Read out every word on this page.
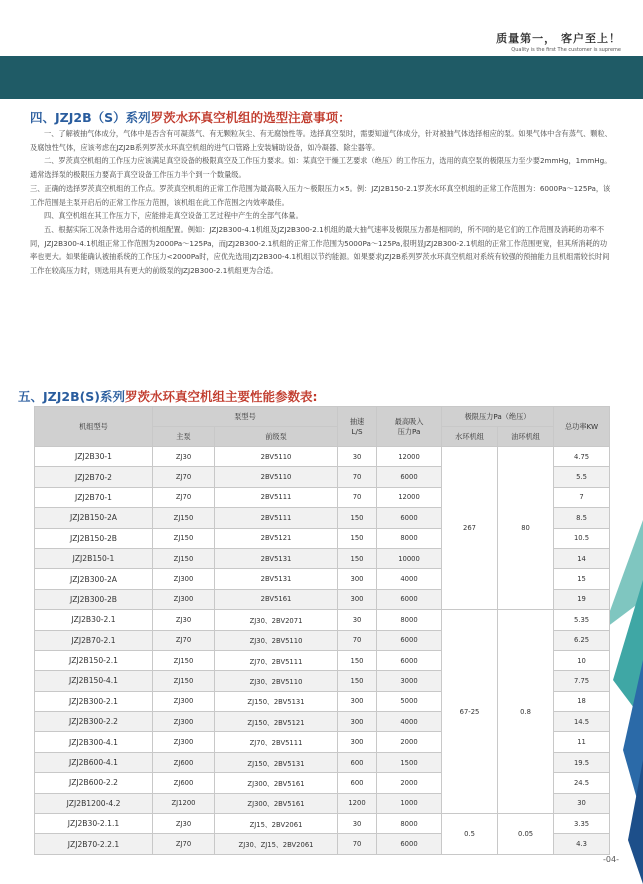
质量第一， 客户至上！
Quality is the first The customer is supreme
四、JZJ2B（S）系列罗茨水环真空机组的选型注意事项：

一、了解被抽气体成分，气体中是否含有可凝蒸气、有无颗粒灰尘、有无腐蚀性等。选择真空泵时，需要知道气体成分，针对被抽气体选择相应的泵。如果气体中含有蒸气、颗粒、及腐蚀性气体，应该考虑在JZJ2B系列罗茨水环真空机组的进气口管路上安装辅助设备，如冷凝器、除尘器等。

二、罗茨真空机组的工作压力应该满足真空设备的极限真空及工作压力要求。如：某真空干燥工艺要求（绝压）的工作压力，选用的真空泵的极限压力至少要2mmHg，1mmHg。通常选择泵的极限压力要高于真空设备工作压力半个到一个数量级。

三、正确的选择罗茨真空机组的工作点。罗茨真空机组的正常工作范围为最高吸入压力～极限压力×5。例：JZJ2B150-2.1罗茨水环真空机组的正常工作范围为：6000Pa～125Pa，该工作范围是主泵开启后的正常工作压力范围，该机组在此工作范围之内效率最佳。

四、真空机组在其工作压力下，应能排走真空设备工艺过程中产生的全部气体量。

五、根据实际工况条件选用合适的机组配置。例如：JZJ2B300-4.1机组及JZJ2B300-2.1机组的最大抽气速率及极限压力都是相同的，所不同的是它们的工作范围及消耗的功率不同，JZJ2B300-4.1机组正常工作范围为2000Pa～125Pa，而JZJ2B300-2.1机组的正常工作范围为5000Pa～125Pa,很明显JZJ2B300-2.1机组的正常工作范围更宽，但其所消耗的功率也更大。如果能确认被抽系统的工作压力<2000Pa时，应优先选用JZJ2B300-4.1机组以节约能源。如果要求JZJ2B系列罗茨水环真空机组对系统有较强的预抽能力且机组需较长时间工作在较高压力时，则选用具有更大的前级泵的JZJ2B300-2.1机组更为合适。

五、JZJ2B(S)系列罗茨水环真空机组主要性能参数表:
机组型号	泵型号		抽速
L/S	最高吸入
压力Pa	极限压力Pa（绝压）		总功率KW
	主泵	前级泵			水环机组	油环机组	
JZJ2B30-1	ZJ30	2BV5110	30	12000	267	80	4.75
JZJ2B70-2	ZJ70	2BV5110	70	6000			5.5
JZJ2B70-1	ZJ70	2BV5111	70	12000			7
JZJ2B150-2A	ZJ150	2BV5111	150	6000			8.5
JZJ2B150-2B	ZJ150	2BV5121	150	8000			10.5
JZJ2B150-1	ZJ150	2BV5131	150	10000			14
JZJ2B300-2A	ZJ300	2BV5131	300	4000			15
JZJ2B300-2B	ZJ300	2BV5161	300	6000			19
JZJ2B30-2.1	ZJ30	ZJ30、2BV2071	30	8000	67-25	0.8	5.35
JZJ2B70-2.1	ZJ70	ZJ30、2BV5110	70	6000			6.25
JZJ2B150-2.1	ZJ150	ZJ70、2BV5111	150	6000			10
JZJ2B150-4.1	ZJ150	ZJ30、2BV5110	150	3000			7.75
JZJ2B300-2.1	ZJ300	ZJ150、2BV5131	300	5000			18
JZJ2B300-2.2	ZJ300	ZJ150、2BV5121	300	4000			14.5
JZJ2B300-4.1	ZJ300	ZJ70、2BV5111	300	2000			11
JZJ2B600-4.1	ZJ600	ZJ150、2BV5131	600	1500			19.5
JZJ2B600-2.2	ZJ600	ZJ300、2BV5161	600	2000			24.5
JZJ2B1200-4.2	ZJ1200	ZJ300、2BV5161	1200	1000			30
JZJ2B30-2.1.1	ZJ30	ZJ15、2BV2061	30	8000	0.5	0.05	3.35
JZJ2B70-2.2.1	ZJ70	ZJ30、ZJ15、2BV2061	70	6000			4.3
-04-
